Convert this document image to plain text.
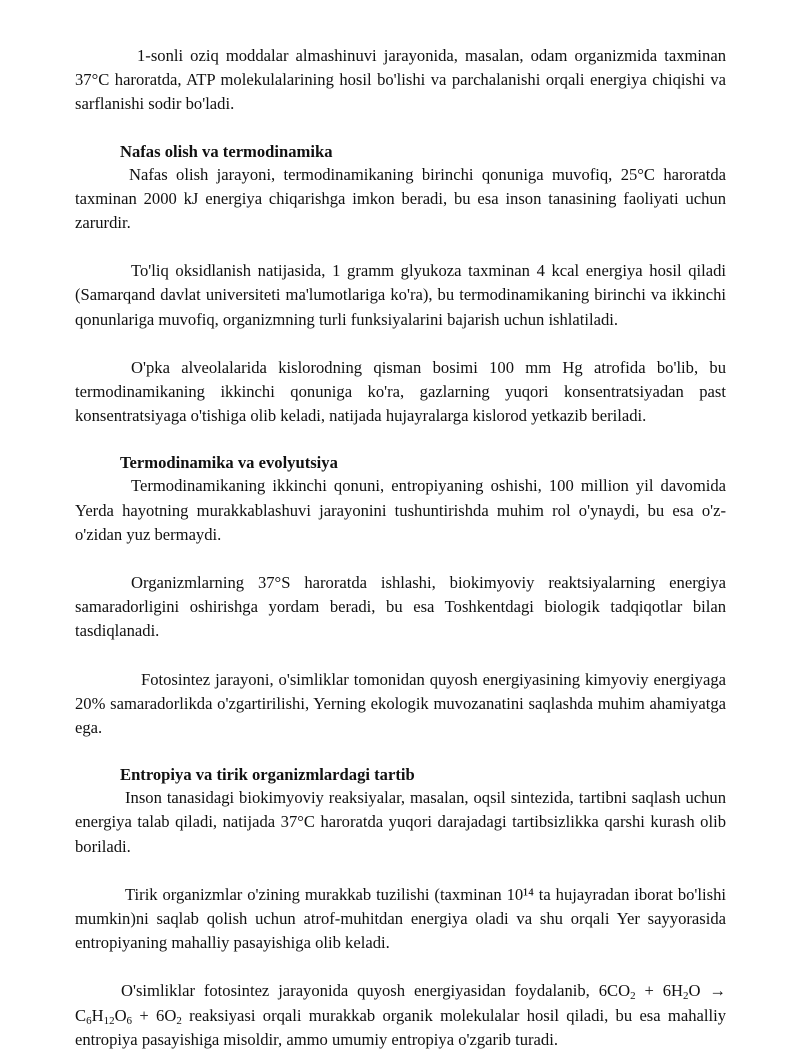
1-sonli oziq moddalar almashinuvi jarayonida, masalan, odam organizmida taxminan 37°C haroratda, ATP molekulalarining hosil bo'lishi va parchalanishi orqali energiya chiqishi va sarflanishi sodir bo'ladi.

Nafas olish va termodinamika

Nafas olish jarayoni, termodinamikaning birinchi qonuniga muvofiq, 25°C haroratda taxminan 2000 kJ energiya chiqarishga imkon beradi, bu esa inson tanasining faoliyati uchun zarurdir.

To'liq oksidlanish natijasida, 1 gramm glyukoza taxminan 4 kcal energiya hosil qiladi (Samarqand davlat universiteti ma'lumotlariga ko'ra), bu termodinamikaning birinchi va ikkinchi qonunlariga muvofiq, organizmning turli funksiyalarini bajarish uchun ishlatiladi.

O'pka alveolalarida kislorodning qisman bosimi 100 mm Hg atrofida bo'lib, bu termodinamikaning ikkinchi qonuniga ko'ra, gazlarning yuqori konsentratsiyadan past konsentratsiyaga o'tishiga olib keladi, natijada hujayralarga kislorod yetkazib beriladi.

Termodinamika va evolyutsiya

Termodinamikaning ikkinchi qonuni, entropiyaning oshishi, 100 million yil davomida Yerda hayotning murakkablashuvi jarayonini tushuntirishda muhim rol o'ynaydi, bu esa o'z-o'zidan yuz bermaydi.

Organizmlarning 37°S haroratda ishlashi, biokimyoviy reaktsiyalarning energiya samaradorligini oshirishga yordam beradi, bu esa Toshkentdagi biologik tadqiqotlar bilan tasdiqlanadi.

Fotosintez jarayoni, o'simliklar tomonidan quyosh energiyasining kimyoviy energiyaga 20% samaradorlikda o'zgartirilishi, Yerning ekologik muvozanatini saqlashda muhim ahamiyatga ega.

Entropiya va tirik organizmlardagi tartib

Inson tanasidagi biokimyoviy reaksiyalar, masalan, oqsil sintezida, tartibni saqlash uchun energiya talab qiladi, natijada 37°C haroratda yuqori darajadagi tartibsizlikka qarshi kurash olib boriladi.

Tirik organizmlar o'zining murakkab tuzilishi (taxminan 10¹⁴ ta hujayradan iborat bo'lishi mumkin)ni saqlab qolish uchun atrof-muhitdan energiya oladi va shu orqali Yer sayyorasida entropiyaning mahalliy pasayishiga olib keladi.

O'simliklar fotosintez jarayonida quyosh energiyasidan foydalanib, $6CO_2 + 6H_2O \to C_6H_{12}O_6 + 6O_2$ reaksiyasi orqali murakkab organik molekulalar hosil qiladi, bu esa mahalliy entropiya pasayishiga misoldir, ammo umumiy entropiya o'zgarib turadi.
